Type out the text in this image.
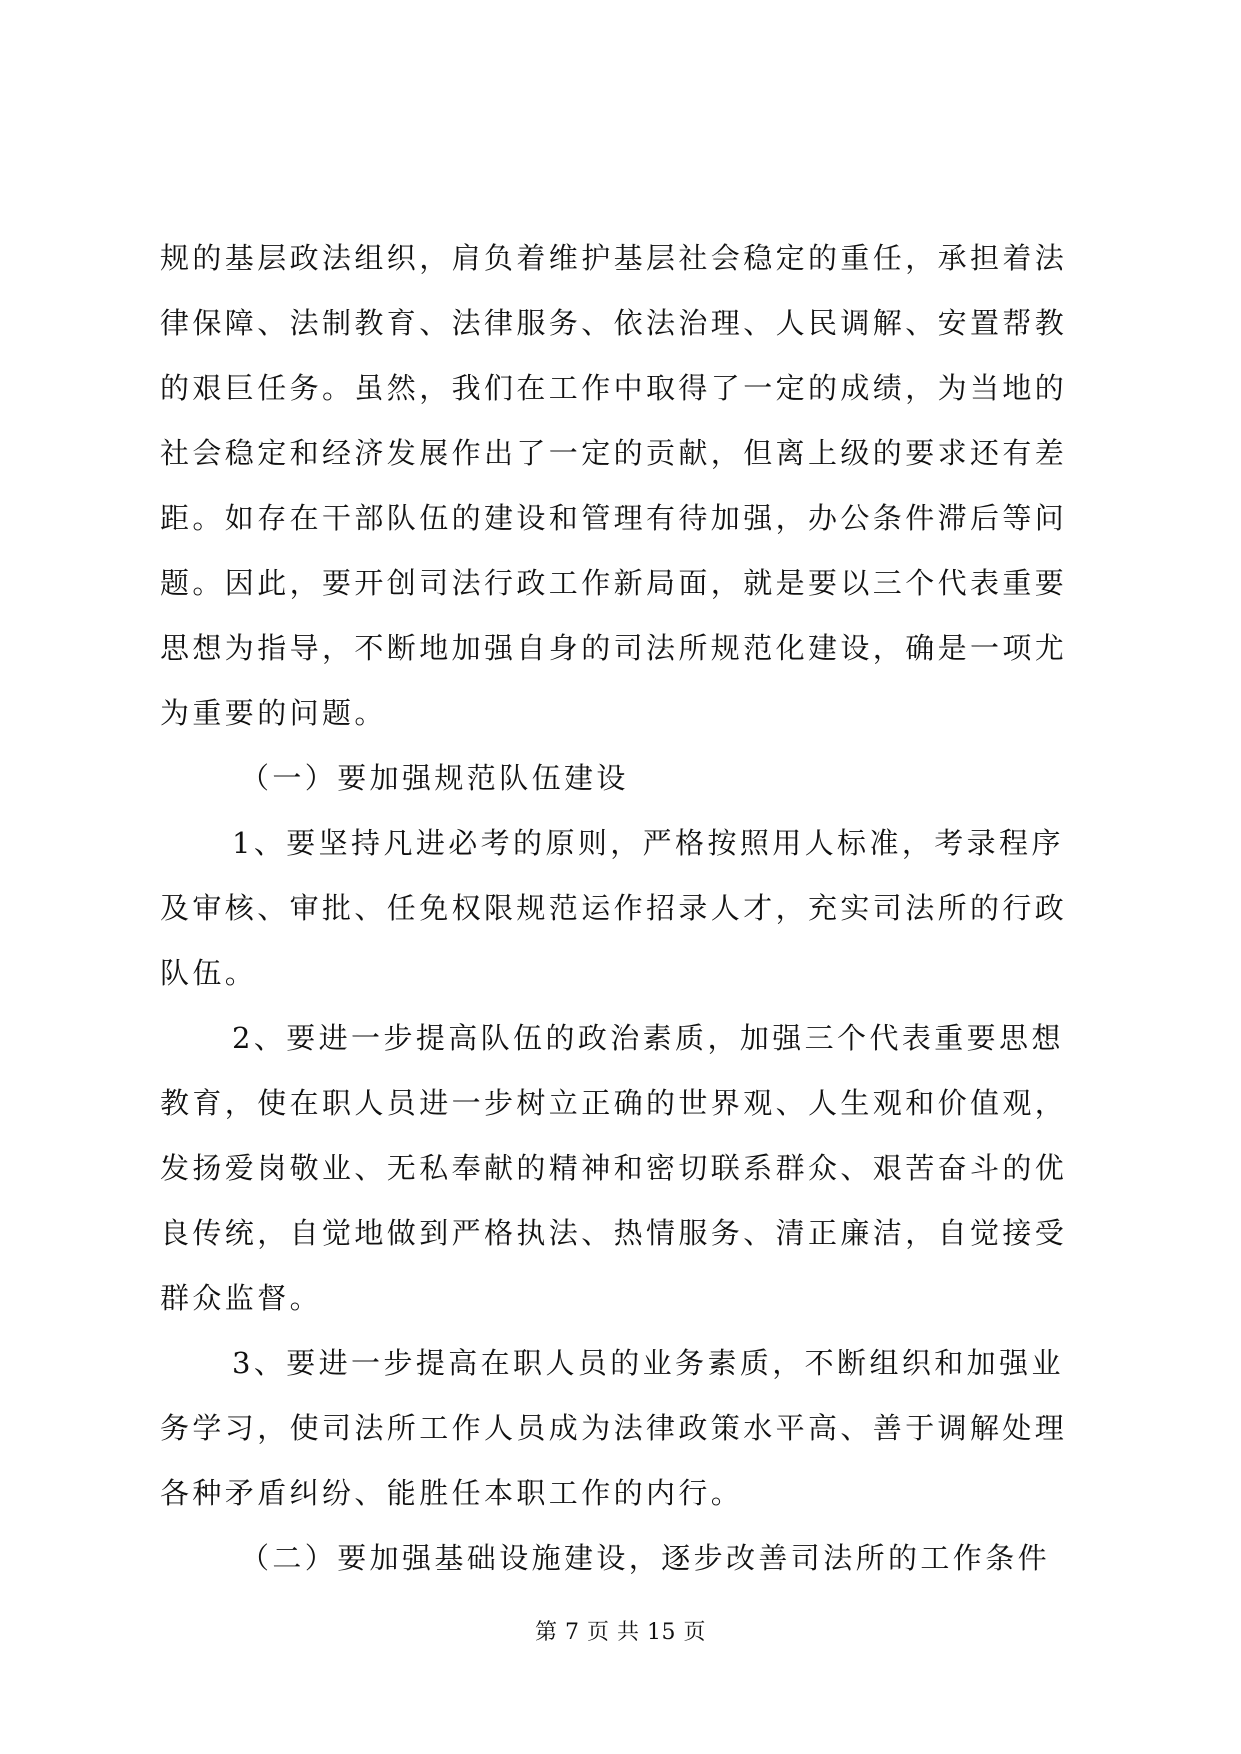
规的基层政法组织，肩负着维护基层社会稳定的重任，承担着法
律保障、法制教育、法律服务、依法治理、人民调解、安置帮教
的艰巨任务。虽然，我们在工作中取得了一定的成绩，为当地的
社会稳定和经济发展作出了一定的贡献，但离上级的要求还有差
距。如存在干部队伍的建设和管理有待加强，办公条件滞后等问
题。因此，要开创司法行政工作新局面，就是要以三个代表重要
思想为指导，不断地加强自身的司法所规范化建设，确是一项尤
为重要的问题。
（一）要加强规范队伍建设
1、要坚持凡进必考的原则，严格按照用人标准，考录程序
及审核、审批、任免权限规范运作招录人才，充实司法所的行政
队伍。
2、要进一步提高队伍的政治素质，加强三个代表重要思想
教育，使在职人员进一步树立正确的世界观、人生观和价值观，
发扬爱岗敬业、无私奉献的精神和密切联系群众、艰苦奋斗的优
良传统，自觉地做到严格执法、热情服务、清正廉洁，自觉接受
群众监督。
3、要进一步提高在职人员的业务素质，不断组织和加强业
务学习，使司法所工作人员成为法律政策水平高、善于调解处理
各种矛盾纠纷、能胜任本职工作的内行。
（二）要加强基础设施建设，逐步改善司法所的工作条件
第 7 页 共 15 页
